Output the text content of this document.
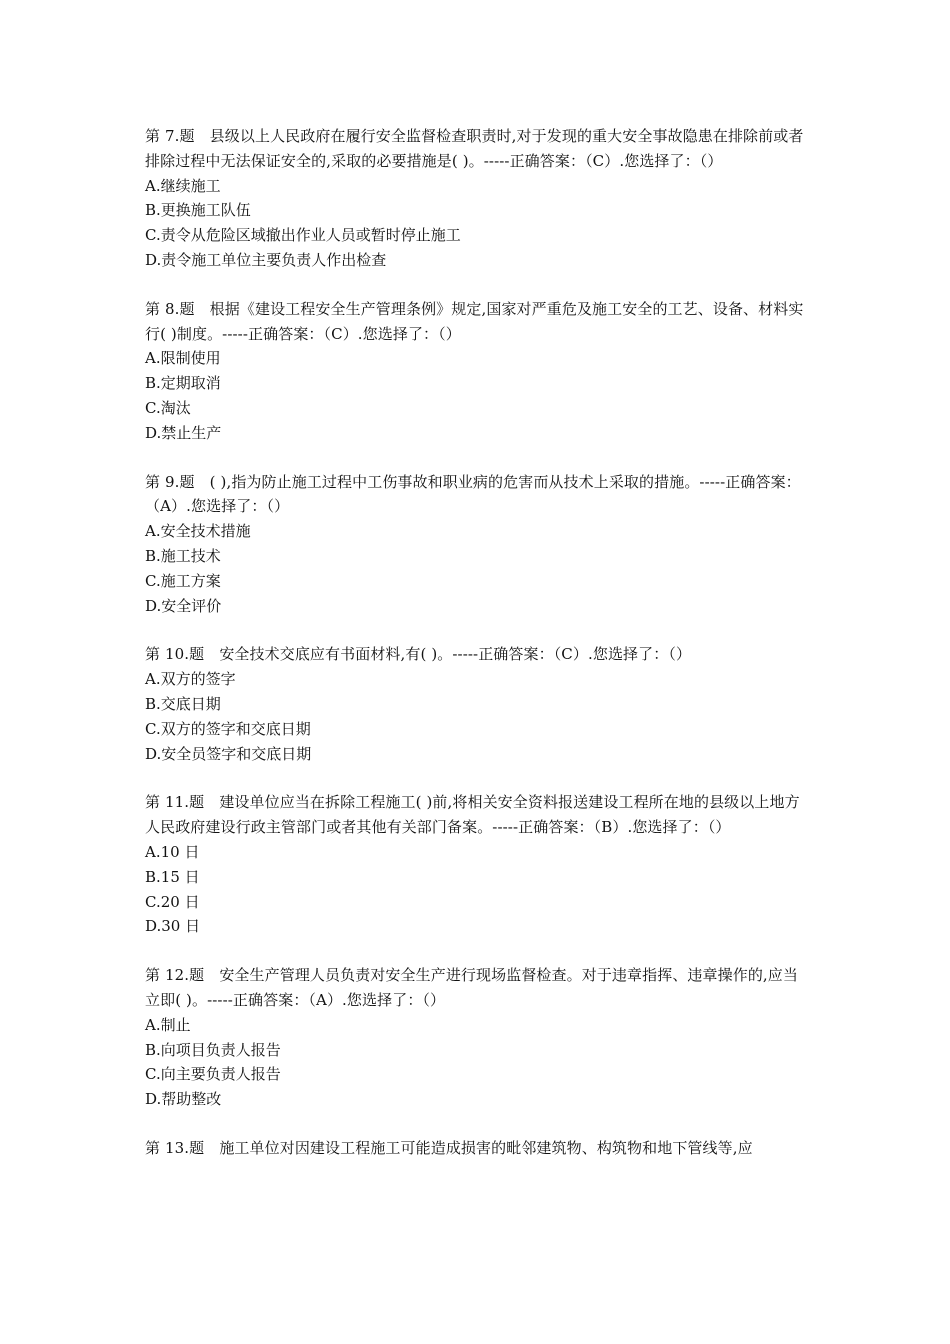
第 7.题　县级以上人民政府在履行安全监督检查职责时,对于发现的重大安全事故隐患在排除前或者排除过程中无法保证安全的,采取的必要措施是( )。-----正确答案：（C）.您选择了：（）

A.继续施工

B.更换施工队伍

C.责令从危险区域撤出作业人员或暂时停止施工

D.责令施工单位主要负责人作出检查

第 8.题　根据《建设工程安全生产管理条例》规定,国家对严重危及施工安全的工艺、设备、材料实行( )制度。-----正确答案：（C）.您选择了：（）

A.限制使用

B.定期取消

C.淘汰

D.禁止生产

第 9.题　( ),指为防止施工过程中工伤事故和职业病的危害而从技术上采取的措施。-----正确答案：（A）.您选择了：（）

A.安全技术措施

B.施工技术

C.施工方案

D.安全评价

第 10.题　安全技术交底应有书面材料,有( )。-----正确答案：（C）.您选择了：（）

A.双方的签字

B.交底日期

C.双方的签字和交底日期

D.安全员签字和交底日期

第 11.题　建设单位应当在拆除工程施工( )前,将相关安全资料报送建设工程所在地的县级以上地方人民政府建设行政主管部门或者其他有关部门备案。-----正确答案：（B）.您选择了：（）

A.10 日

B.15 日

C.20 日

D.30 日

第 12.题　安全生产管理人员负责对安全生产进行现场监督检查。对于违章指挥、违章操作的,应当立即( )。-----正确答案：（A）.您选择了：（）

A.制止

B.向项目负责人报告

C.向主要负责人报告

D.帮助整改

第 13.题　施工单位对因建设工程施工可能造成损害的毗邻建筑物、构筑物和地下管线等,应
